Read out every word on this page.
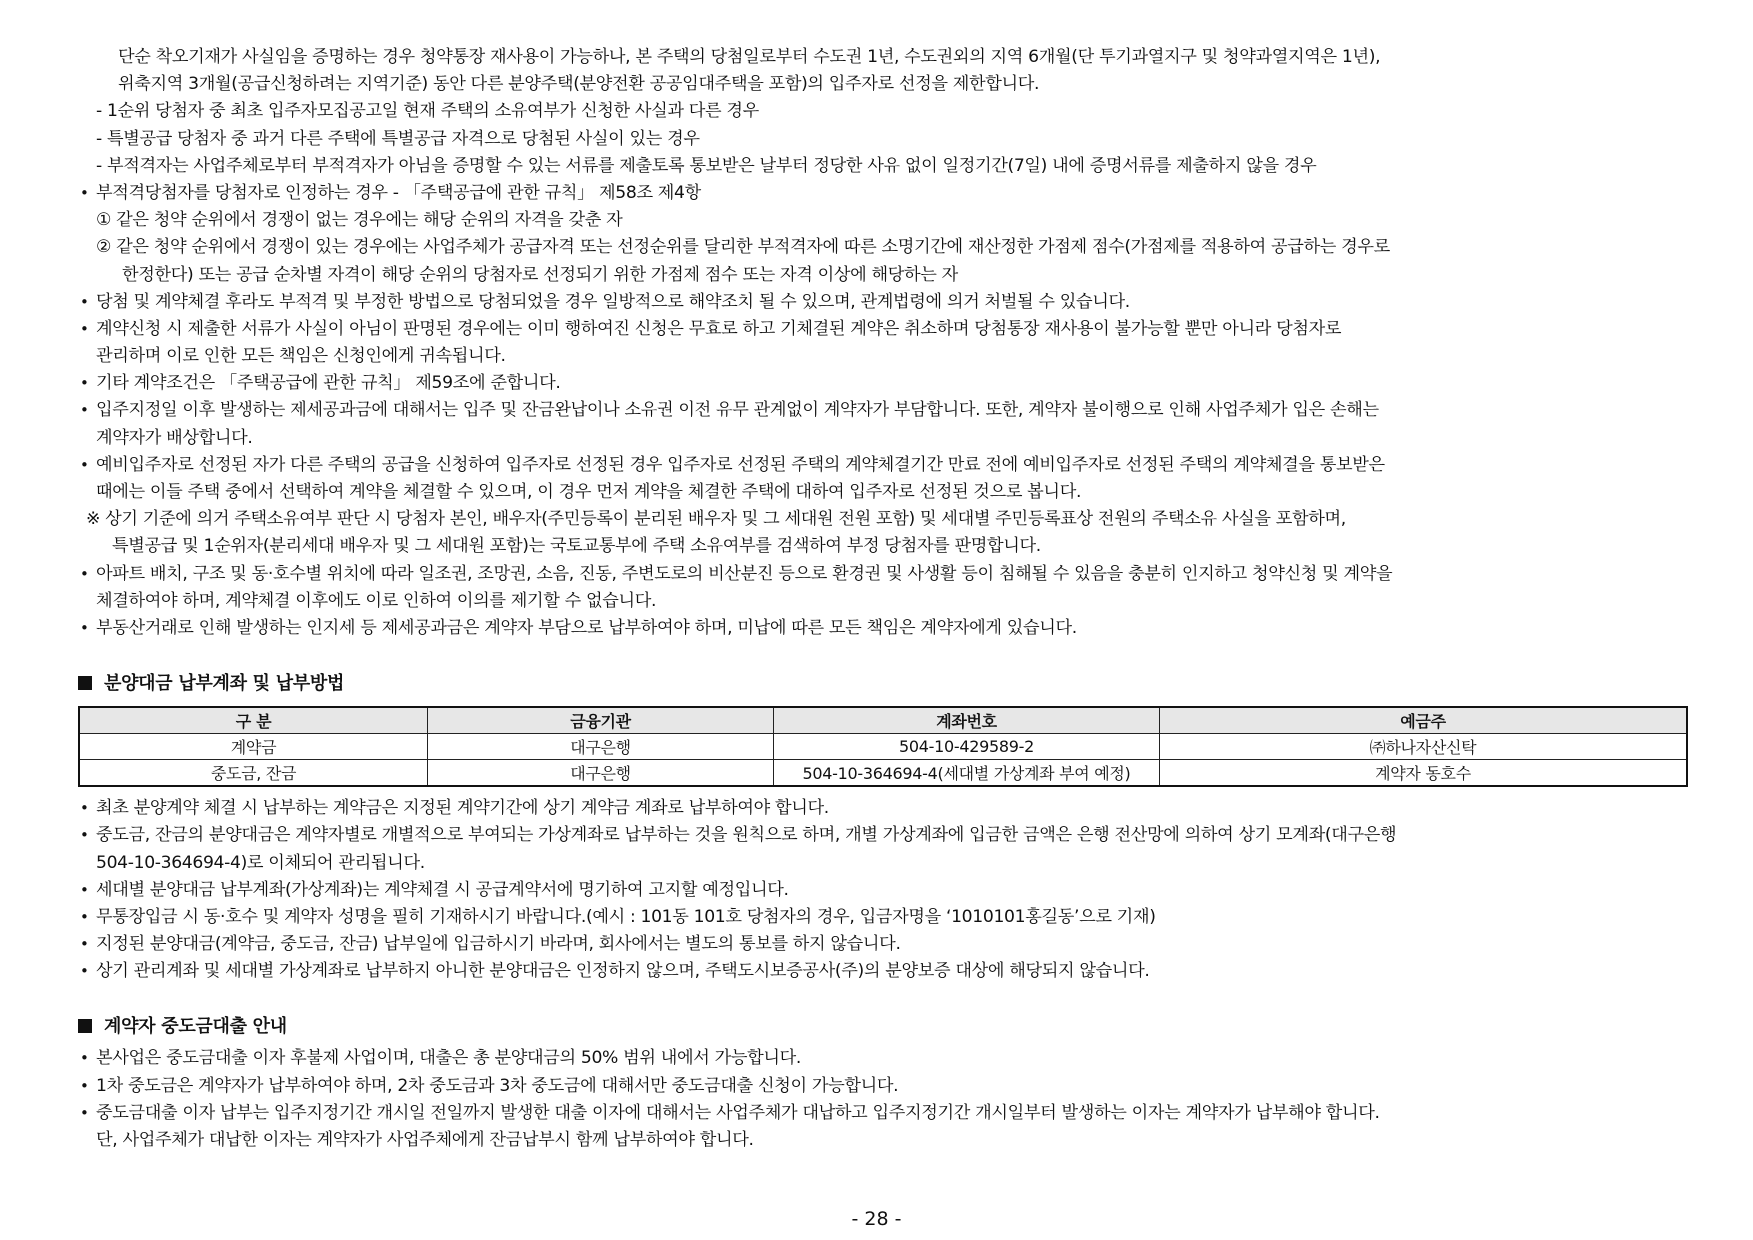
단순 착오기재가 사실임을 증명하는 경우 청약통장 재사용이 가능하나, 본 주택의 당첨일로부터 수도권 1년, 수도권외의 지역 6개월(단 투기과열지구 및 청약과열지역은 1년),
위축지역 3개월(공급신청하려는 지역기준) 동안 다른 분양주택(분양전환 공공임대주택을 포함)의 입주자로 선정을 제한합니다.
- 1순위 당첨자 중 최초 입주자모집공고일 현재 주택의 소유여부가 신청한 사실과 다른 경우
- 특별공급 당첨자 중 과거 다른 주택에 특별공급 자격으로 당첨된 사실이 있는 경우
- 부적격자는 사업주체로부터 부적격자가 아님을 증명할 수 있는 서류를 제출토록 통보받은 날부터 정당한 사유 없이 일정기간(7일) 내에 증명서류를 제출하지 않을 경우
• 부적격당첨자를 당첨자로 인정하는 경우 - 「주택공급에 관한 규칙」 제58조 제4항
① 같은 청약 순위에서 경쟁이 없는 경우에는 해당 순위의 자격을 갖춘 자
② 같은 청약 순위에서 경쟁이 있는 경우에는 사업주체가 공급자격 또는 선정순위를 달리한 부적격자에 따른 소명기간에 재산정한 가점제 점수(가점제를 적용하여 공급하는 경우로
한정한다) 또는 공급 순차별 자격이 해당 순위의 당첨자로 선정되기 위한 가점제 점수 또는 자격 이상에 해당하는 자
• 당첨 및 계약체결 후라도 부적격 및 부정한 방법으로 당첨되었을 경우 일방적으로 해약조치 될 수 있으며, 관계법령에 의거 처벌될 수 있습니다.
• 계약신청 시 제출한 서류가 사실이 아님이 판명된 경우에는 이미 행하여진 신청은 무효로 하고 기체결된 계약은 취소하며 당첨통장 재사용이 불가능할 뿐만 아니라 당첨자로
관리하며 이로 인한 모든 책임은 신청인에게 귀속됩니다.
• 기타 계약조건은 「주택공급에 관한 규칙」 제59조에 준합니다.
• 입주지정일 이후 발생하는 제세공과금에 대해서는 입주 및 잔금완납이나 소유권 이전 유무 관계없이 계약자가 부담합니다. 또한, 계약자 불이행으로 인해 사업주체가 입은 손해는
계약자가 배상합니다.
• 예비입주자로 선정된 자가 다른 주택의 공급을 신청하여 입주자로 선정된 경우 입주자로 선정된 주택의 계약체결기간 만료 전에 예비입주자로 선정된 주택의 계약체결을 통보받은
때에는 이들 주택 중에서 선택하여 계약을 체결할 수 있으며, 이 경우 먼저 계약을 체결한 주택에 대하여 입주자로 선정된 것으로 봅니다.
※ 상기 기준에 의거 주택소유여부 판단 시 당첨자 본인, 배우자(주민등록이 분리된 배우자 및 그 세대원 전원 포함) 및 세대별 주민등록표상 전원의 주택소유 사실을 포함하며,
특별공급 및 1순위자(분리세대 배우자 및 그 세대원 포함)는 국토교통부에 주택 소유여부를 검색하여 부정 당첨자를 판명합니다.
• 아파트 배치, 구조 및 동·호수별 위치에 따라 일조권, 조망권, 소음, 진동, 주변도로의 비산분진 등으로 환경권 및 사생활 등이 침해될 수 있음을 충분히 인지하고 청약신청 및 계약을
체결하여야 하며, 계약체결 이후에도 이로 인하여 이의를 제기할 수 없습니다.
• 부동산거래로 인해 발생하는 인지세 등 제세공과금은 계약자 부담으로 납부하여야 하며, 미납에 따른 모든 책임은 계약자에게 있습니다.
분양대금 납부계좌 및 납부방법
구 분	금융기관	계좌번호	예금주
계약금	대구은행	504-10-429589-2	㈜하나자산신탁
중도금, 잔금	대구은행	504-10-364694-4(세대별 가상계좌 부여 예정)	계약자 동호수
• 최초 분양계약 체결 시 납부하는 계약금은 지정된 계약기간에 상기 계약금 계좌로 납부하여야 합니다.
• 중도금, 잔금의 분양대금은 계약자별로 개별적으로 부여되는 가상계좌로 납부하는 것을 원칙으로 하며, 개별 가상계좌에 입금한 금액은 은행 전산망에 의하여 상기 모계좌(대구은행
504-10-364694-4)로 이체되어 관리됩니다.
• 세대별 분양대금 납부계좌(가상계좌)는 계약체결 시 공급계약서에 명기하여 고지할 예정입니다.
• 무통장입금 시 동·호수 및 계약자 성명을 필히 기재하시기 바랍니다.(예시 : 101동 101호 당첨자의 경우, 입금자명을 ‘1010101홍길동’으로 기재)
• 지정된 분양대금(계약금, 중도금, 잔금) 납부일에 입금하시기 바라며, 회사에서는 별도의 통보를 하지 않습니다.
• 상기 관리계좌 및 세대별 가상계좌로 납부하지 아니한 분양대금은 인정하지 않으며, 주택도시보증공사(주)의 분양보증 대상에 해당되지 않습니다.
계약자 중도금대출 안내
• 본사업은 중도금대출 이자 후불제 사업이며, 대출은 총 분양대금의 50% 범위 내에서 가능합니다.
• 1차 중도금은 계약자가 납부하여야 하며, 2차 중도금과 3차 중도금에 대해서만 중도금대출 신청이 가능합니다.
• 중도금대출 이자 납부는 입주지정기간 개시일 전일까지 발생한 대출 이자에 대해서는 사업주체가 대납하고 입주지정기간 개시일부터 발생하는 이자는 계약자가 납부해야 합니다.
단, 사업주체가 대납한 이자는 계약자가 사업주체에게 잔금납부시 함께 납부하여야 합니다.
- 28 -
